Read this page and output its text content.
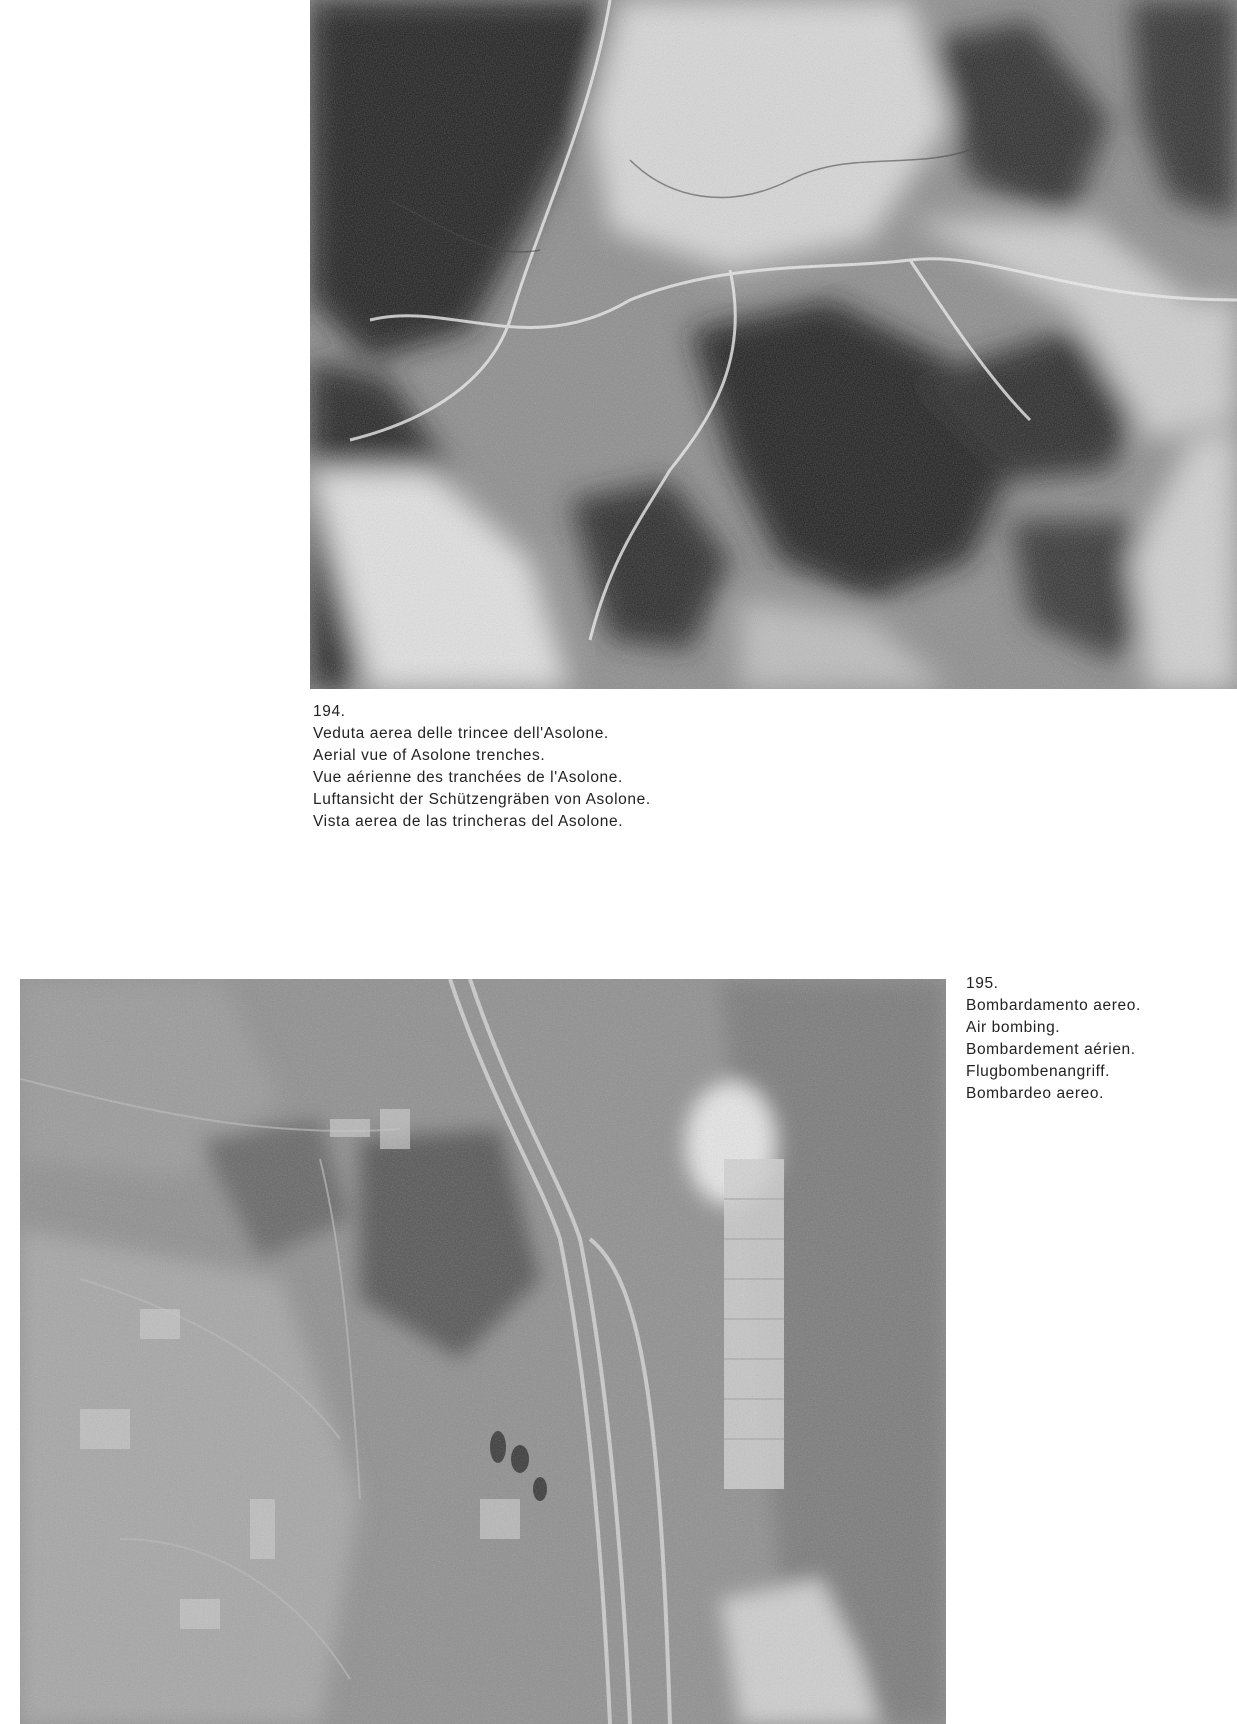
194.
Veduta aerea delle trincee dell'Asolone.
Aerial vue of Asolone trenches.
Vue aérienne des tranchées de l'Asolone.
Luftansicht der Schützengräben von Asolone.
Vista aerea de las trincheras del Asolone.
195.
Bombardamento aereo.
Air bombing.
Bombardement aérien.
Flugbombenangriff.
Bombardeo aereo.
